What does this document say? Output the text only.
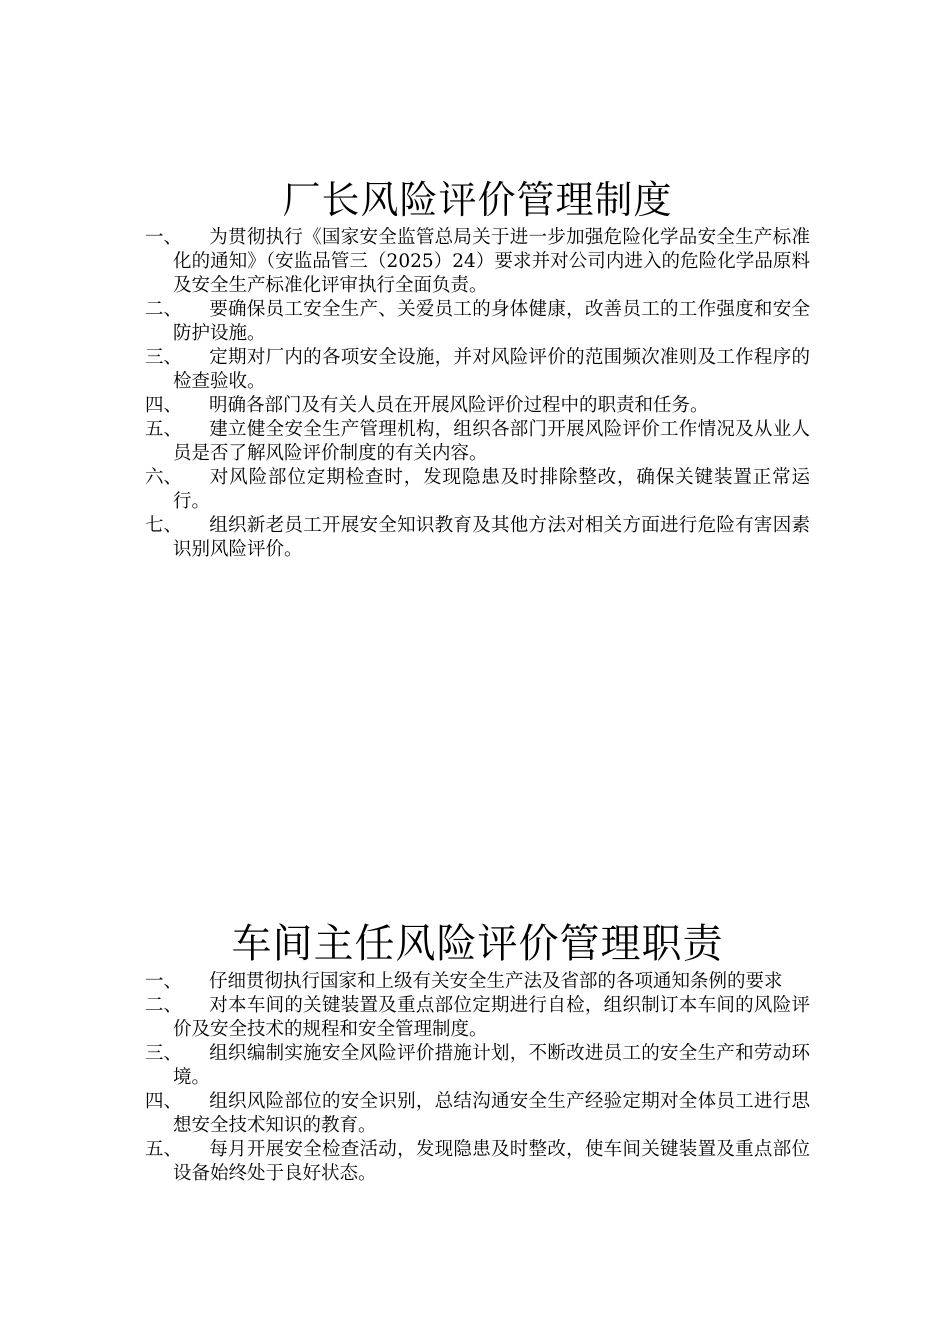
厂长风险评价管理制度

一、 为贯彻执行《国家安全监管总局关于进一步加强危险化学品安全生产标准化的通知》（安监品管三（2025）24）要求并对公司内进入的危险化学品原料及安全生产标准化评审执行全面负责。

二、 要确保员工安全生产、关爱员工的身体健康，改善员工的工作强度和安全防护设施。

三、 定期对厂内的各项安全设施，并对风险评价的范围频次准则及工作程序的检查验收。

四、 明确各部门及有关人员在开展风险评价过程中的职责和任务。

五、 建立健全安全生产管理机构，组织各部门开展风险评价工作情况及从业人员是否了解风险评价制度的有关内容。

六、 对风险部位定期检查时，发现隐患及时排除整改，确保关键装置正常运行。

七、 组织新老员工开展安全知识教育及其他方法对相关方面进行危险有害因素识别风险评价。

车间主任风险评价管理职责

一、 仔细贯彻执行国家和上级有关安全生产法及省部的各项通知条例的要求

二、 对本车间的关键装置及重点部位定期进行自检，组织制订本车间的风险评价及安全技术的规程和安全管理制度。

三、 组织编制实施安全风险评价措施计划，不断改进员工的安全生产和劳动环境。

四、 组织风险部位的安全识别，总结沟通安全生产经验定期对全体员工进行思想安全技术知识的教育。

五、 每月开展安全检查活动，发现隐患及时整改，使车间关键装置及重点部位设备始终处于良好状态。
